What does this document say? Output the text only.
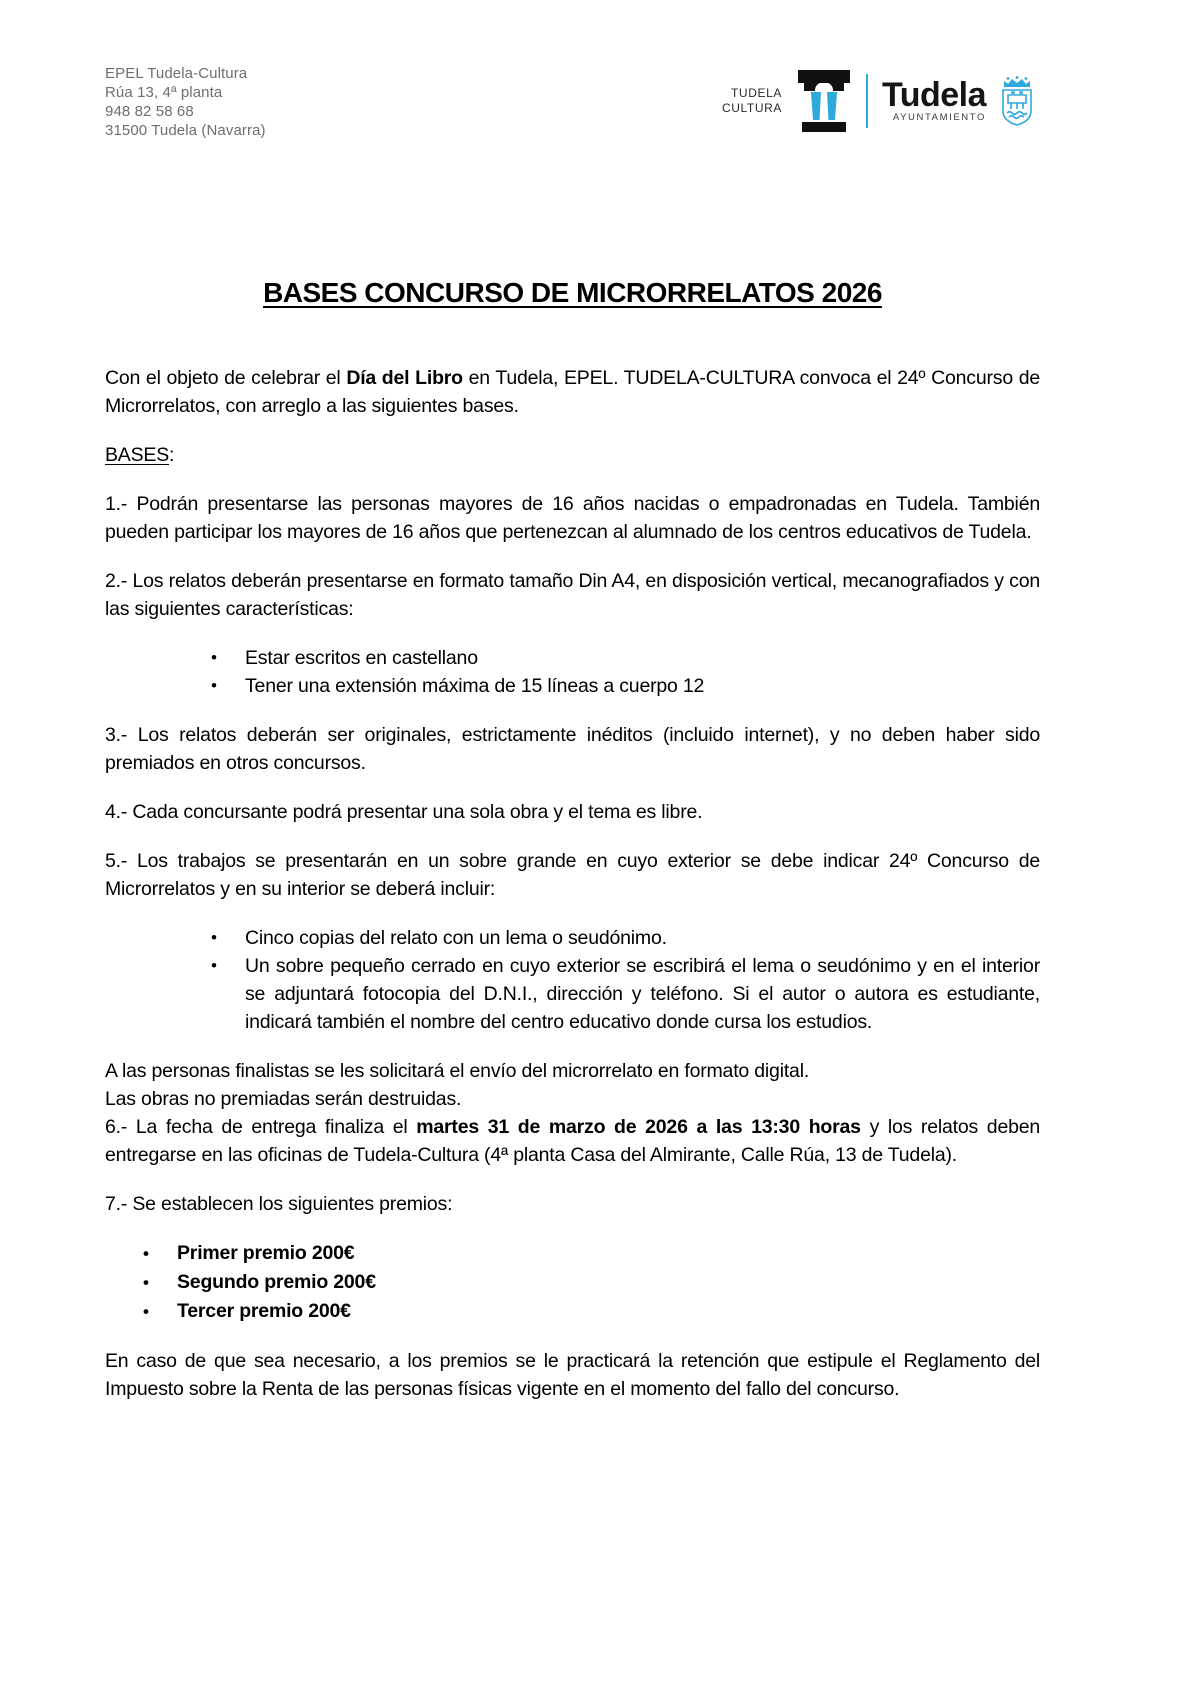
EPEL Tudela-Cultura
Rúa 13, 4ª planta
948 82 58 68
31500 Tudela (Navarra)
TUDELA
CULTURA	Tudela
AYUNTAMIENTO
BASES CONCURSO DE MICRORRELATOS 2026

Con el objeto de celebrar el Día del Libro en Tudela, EPEL. TUDELA-CULTURA convoca el 24º Concurso de Microrrelatos, con arreglo a las siguientes bases.

BASES:

1.- Podrán presentarse las personas mayores de 16 años nacidas o empadronadas en Tudela. También pueden participar los mayores de 16 años que pertenezcan al alumnado de los centros educativos de Tudela.

2.- Los relatos deberán presentarse en formato tamaño Din A4, en disposición vertical, mecanografiados y con las siguientes características:

• Estar escritos en castellano
• Tener una extensión máxima de 15 líneas a cuerpo 12

3.- Los relatos deberán ser originales, estrictamente inéditos (incluido internet), y no deben haber sido premiados en otros concursos.

4.- Cada concursante podrá presentar una sola obra y el tema es libre.

5.- Los trabajos se presentarán en un sobre grande en cuyo exterior se debe indicar 24º Concurso de Microrrelatos y en su interior se deberá incluir:

• Cinco copias del relato con un lema o seudónimo.
• Un sobre pequeño cerrado en cuyo exterior se escribirá el lema o seudónimo y en el interior se adjuntará fotocopia del D.N.I., dirección y teléfono. Si el autor o autora es estudiante, indicará también el nombre del centro educativo donde cursa los estudios.

A las personas finalistas se les solicitará el envío del microrrelato en formato digital.

Las obras no premiadas serán destruidas.

6.- La fecha de entrega finaliza el martes 31 de marzo de 2026 a las 13:30 horas y los relatos deben entregarse en las oficinas de Tudela-Cultura (4ª planta Casa del Almirante, Calle Rúa, 13 de Tudela).

7.- Se establecen los siguientes premios:

• Primer premio 200€
• Segundo premio 200€
• Tercer premio 200€

En caso de que sea necesario, a los premios se le practicará la retención que estipule el Reglamento del Impuesto sobre la Renta de las personas físicas vigente en el momento del fallo del concurso.
